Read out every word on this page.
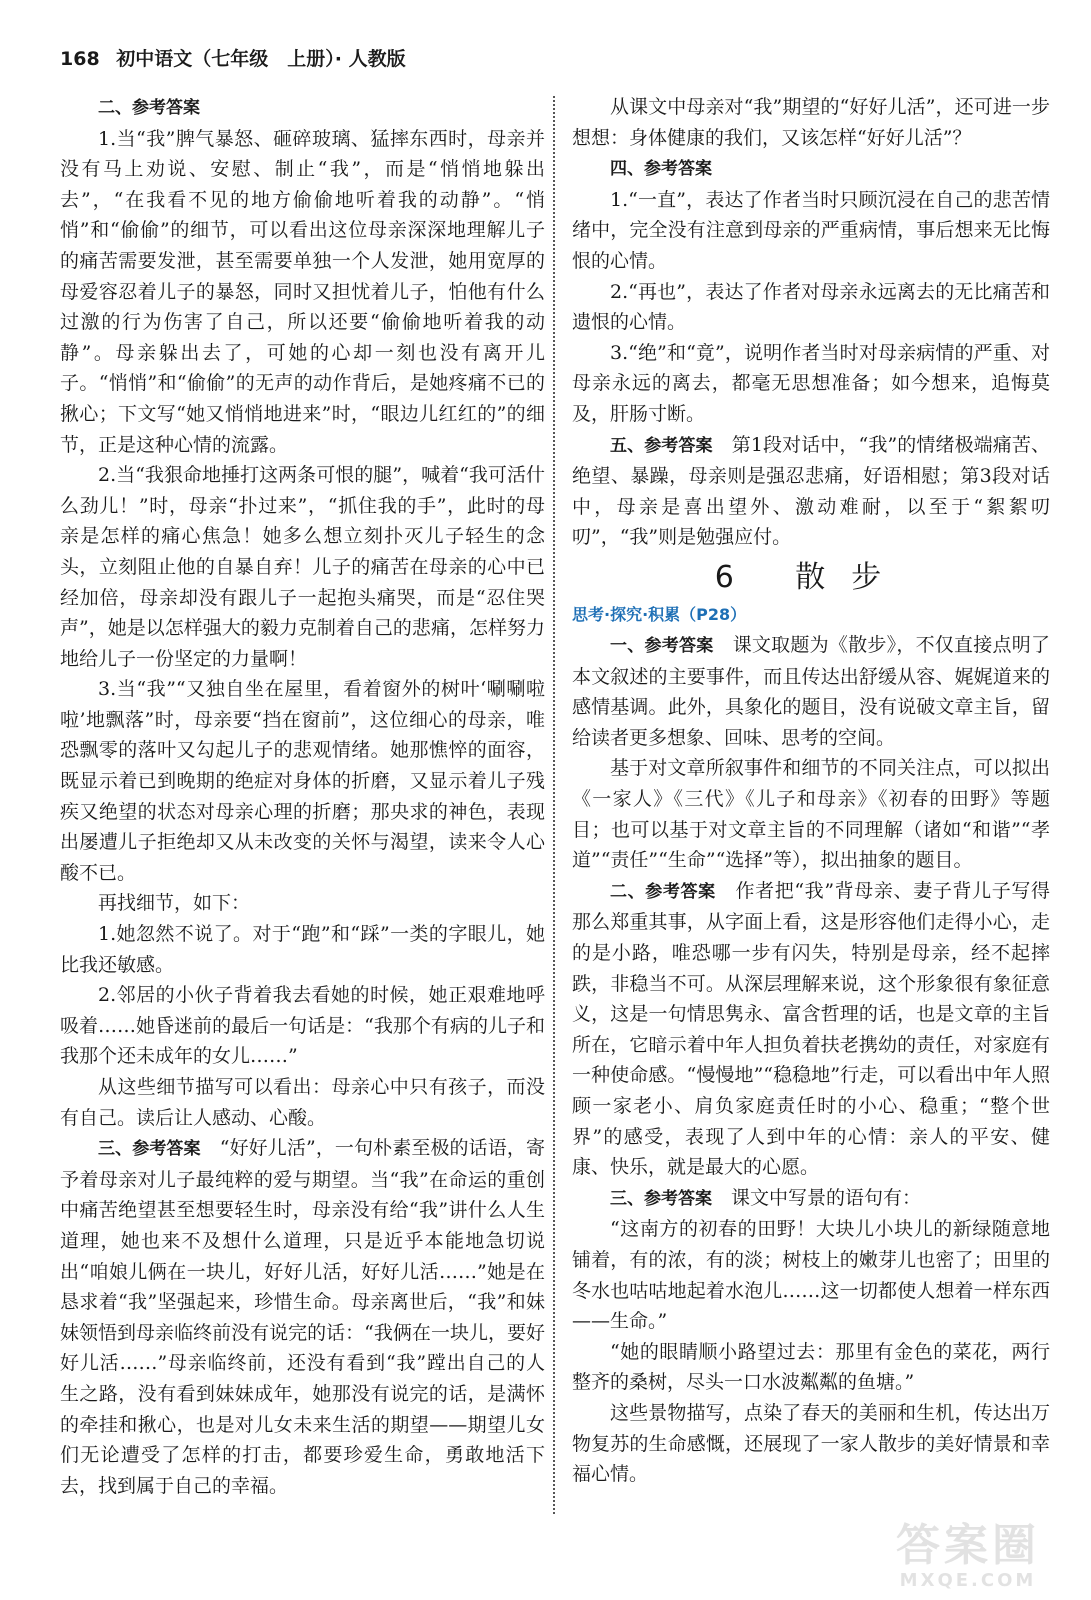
168 初中语文（七年级　上册）· 人教版

二、参考答案

1.当“我”脾气暴怒、砸碎玻璃、猛摔东西时，母亲并没有马上劝说、安慰、制止“我”，而是“悄悄地躲出去”，“在我看不见的地方偷偷地听着我的动静”。“悄悄”和“偷偷”的细节，可以看出这位母亲深深地理解儿子的痛苦需要发泄，甚至需要单独一个人发泄，她用宽厚的母爱容忍着儿子的暴怒，同时又担忧着儿子，怕他有什么过激的行为伤害了自己，所以还要“偷偷地听着我的动静”。母亲躲出去了，可她的心却一刻也没有离开儿子。“悄悄”和“偷偷”的无声的动作背后，是她疼痛不已的揪心；下文写“她又悄悄地进来”时，“眼边儿红红的”的细节，正是这种心情的流露。

2.当“我狠命地捶打这两条可恨的腿”，喊着“我可活什么劲儿！”时，母亲“扑过来”，“抓住我的手”，此时的母亲是怎样的痛心焦急！她多么想立刻扑灭儿子轻生的念头，立刻阻止他的自暴自弃！儿子的痛苦在母亲的心中已经加倍，母亲却没有跟儿子一起抱头痛哭，而是“忍住哭声”，她是以怎样强大的毅力克制着自己的悲痛，怎样努力地给儿子一份坚定的力量啊！

3.当“我”“又独自坐在屋里，看着窗外的树叶‘唰唰啦啦’地飘落”时，母亲要“挡在窗前”，这位细心的母亲，唯恐飘零的落叶又勾起儿子的悲观情绪。她那憔悴的面容，既显示着已到晚期的绝症对身体的折磨，又显示着儿子残疾又绝望的状态对母亲心理的折磨；那央求的神色，表现出屡遭儿子拒绝却又从未改变的关怀与渴望，读来令人心酸不已。

再找细节，如下：

1.她忽然不说了。对于“跑”和“踩”一类的字眼儿，她比我还敏感。

2.邻居的小伙子背着我去看她的时候，她正艰难地呼吸着……她昏迷前的最后一句话是：“我那个有病的儿子和我那个还未成年的女儿……”

从这些细节描写可以看出：母亲心中只有孩子，而没有自己。读后让人感动、心酸。

三、参考答案　 “好好儿活”，一句朴素至极的话语，寄予着母亲对儿子最纯粹的爱与期望。当“我”在命运的重创中痛苦绝望甚至想要轻生时，母亲没有给“我”讲什么人生道理，她也来不及想什么道理，只是近乎本能地急切说出“咱娘儿俩在一块儿，好好儿活，好好儿活……”她是在恳求着“我”坚强起来，珍惜生命。母亲离世后，“我”和妹妹领悟到母亲临终前没有说完的话：“我俩在一块儿，要好好儿活……”母亲临终前，还没有看到“我”蹚出自己的人生之路，没有看到妹妹成年，她那没有说完的话，是满怀的牵挂和揪心，也是对儿女未来生活的期望——期望儿女们无论遭受了怎样的打击，都要珍爱生命，勇敢地活下去，找到属于自己的幸福。

从课文中母亲对“我”期望的“好好儿活”，还可进一步想想：身体健康的我们，又该怎样“好好儿活”？

四、参考答案

1.“一直”，表达了作者当时只顾沉浸在自己的悲苦情绪中，完全没有注意到母亲的严重病情，事后想来无比悔恨的心情。

2.“再也”，表达了作者对母亲永远离去的无比痛苦和遗恨的心情。

3.“绝”和“竟”，说明作者当时对母亲病情的严重、对母亲永远的离去，都毫无思想准备；如今想来，追悔莫及，肝肠寸断。

五、参考答案　 第1段对话中，“我”的情绪极端痛苦、绝望、暴躁，母亲则是强忍悲痛，好语相慰；第3段对话中，母亲是喜出望外、激动难耐，以至于“絮絮叨叨”，“我”则是勉强应付。

6 散步

思考·探究·积累（P28）

一、参考答案　 课文取题为《散步》，不仅直接点明了本文叙述的主要事件，而且传达出舒缓从容、娓娓道来的感情基调。此外，具象化的题目，没有说破文章主旨，留给读者更多想象、回味、思考的空间。

基于对文章所叙事件和细节的不同关注点，可以拟出《一家人》《三代》《儿子和母亲》《初春的田野》等题目；也可以基于对文章主旨的不同理解（诸如“和谐”“孝道”“责任”“生命”“选择”等），拟出抽象的题目。

二、参考答案　 作者把“我”背母亲、妻子背儿子写得那么郑重其事，从字面上看，这是形容他们走得小心，走的是小路，唯恐哪一步有闪失，特别是母亲，经不起摔跌，非稳当不可。从深层理解来说，这个形象很有象征意义，这是一句情思隽永、富含哲理的话，也是文章的主旨所在，它暗示着中年人担负着扶老携幼的责任，对家庭有一种使命感。“慢慢地”“稳稳地”行走，可以看出中年人照顾一家老小、肩负家庭责任时的小心、稳重；“整个世界”的感受，表现了人到中年的心情：亲人的平安、健康、快乐，就是最大的心愿。

三、参考答案　 课文中写景的语句有：

“这南方的初春的田野！大块儿小块儿的新绿随意地铺着，有的浓，有的淡；树枝上的嫩芽儿也密了；田里的冬水也咕咕地起着水泡儿……这一切都使人想着一样东西——生命。”

“她的眼睛顺小路望过去：那里有金色的菜花，两行整齐的桑树，尽头一口水波粼粼的鱼塘。”

这些景物描写，点染了春天的美丽和生机，传达出万物复苏的生命感慨，还展现了一家人散步的美好情景和幸福心情。

答案圈
MXQE.COM
